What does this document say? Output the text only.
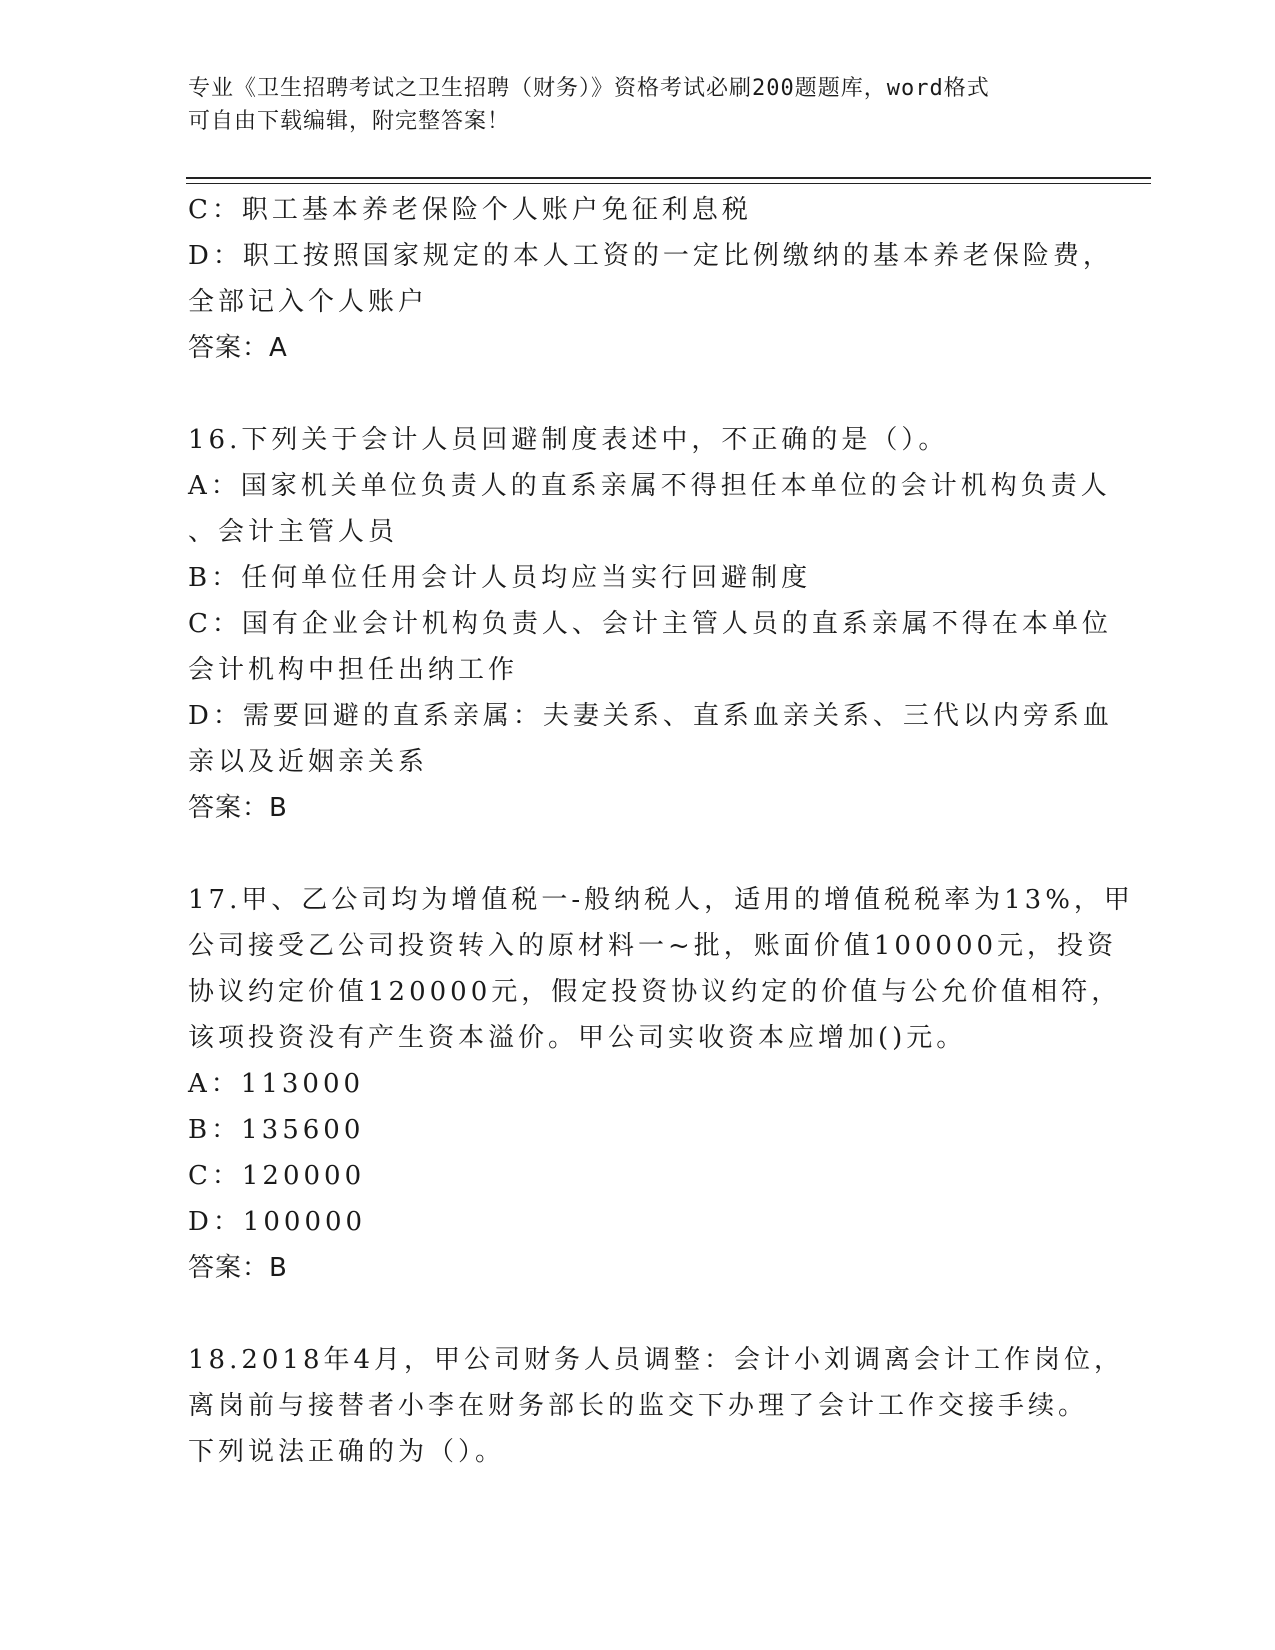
专业《卫生招聘考试之卫生招聘（财务）》资格考试必刷200题题库，word格式
可自由下载编辑，附完整答案！
C：职工基本养老保险个人账户免征利息税
D：职工按照国家规定的本人工资的一定比例缴纳的基本养老保险费，
全部记入个人账户
答案：A
16.下列关于会计人员回避制度表述中，不正确的是（）。
A：国家机关单位负责人的直系亲属不得担任本单位的会计机构负责人
、会计主管人员
B：任何单位任用会计人员均应当实行回避制度
C：国有企业会计机构负责人、会计主管人员的直系亲属不得在本单位
会计机构中担任出纳工作
D：需要回避的直系亲属：夫妻关系、直系血亲关系、三代以内旁系血
亲以及近姻亲关系
答案：B
17.甲、乙公司均为增值税一-般纳税人，适用的增值税税率为13%，甲
公司接受乙公司投资转入的原材料一~批，账面价值100000元，投资
协议约定价值120000元，假定投资协议约定的价值与公允价值相符，
该项投资没有产生资本溢价。甲公司实收资本应增加()元。
A：113000
B：135600
C：120000
D：100000
答案：B
18.2018年4月，甲公司财务人员调整：会计小刘调离会计工作岗位，
离岗前与接替者小李在财务部长的监交下办理了会计工作交接手续。
下列说法正确的为（）。
